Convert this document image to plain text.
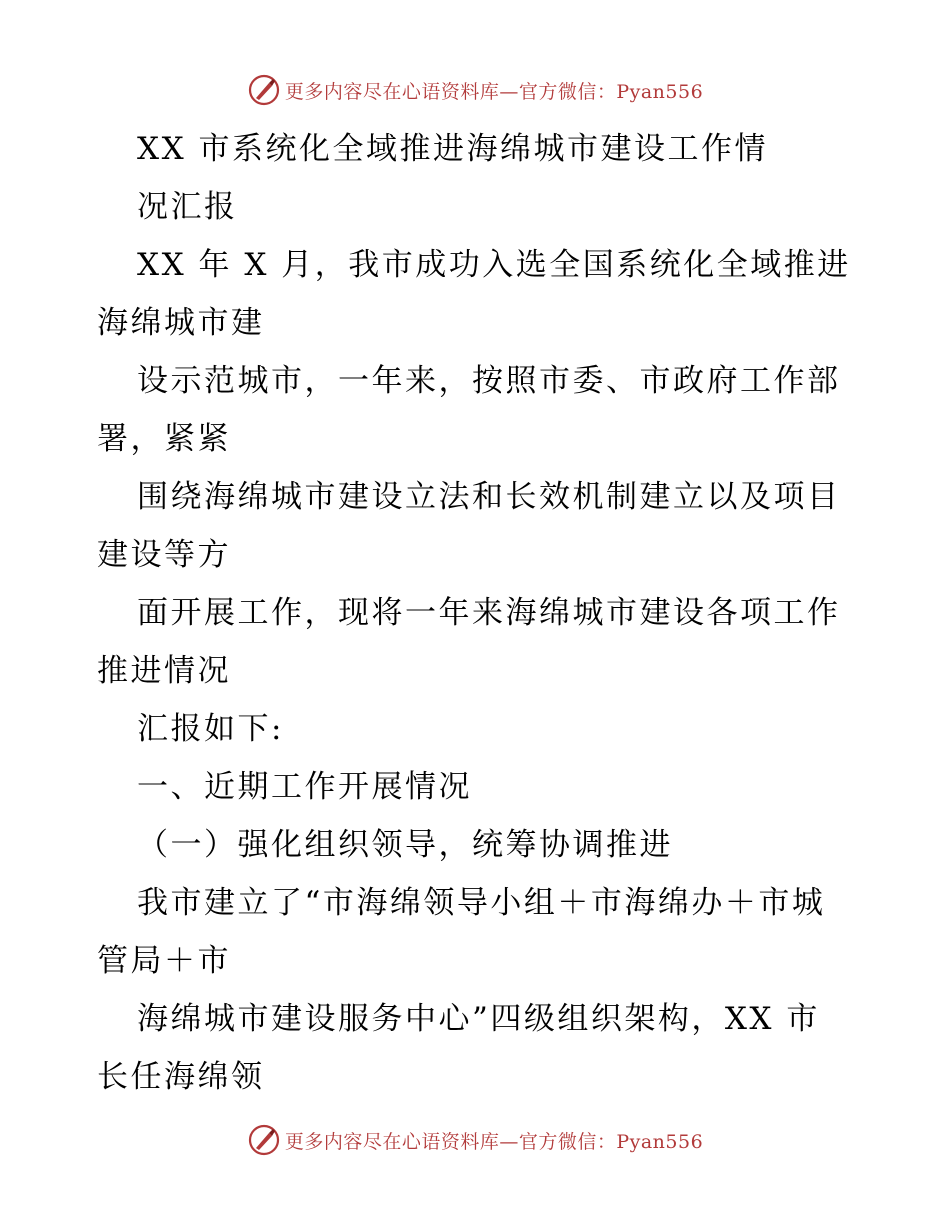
更多内容尽在心语资料库—官方微信：Pyan556

XX 市系统化全域推进海绵城市建设工作情

况汇报

XX 年 X 月，我市成功入选全国系统化全域推进

海绵城市建

设示范城市，一年来，按照市委、市政府工作部

署，紧紧

围绕海绵城市建设立法和长效机制建立以及项目

建设等方

面开展工作，现将一年来海绵城市建设各项工作

推进情况

汇报如下:

一、近期工作开展情况

（一）强化组织领导，统筹协调推进

我市建立了“市海绵领导小组＋市海绵办＋市城

管局＋市

海绵城市建设服务中心”四级组织架构，XX 市

长任海绵领

更多内容尽在心语资料库—官方微信：Pyan556
